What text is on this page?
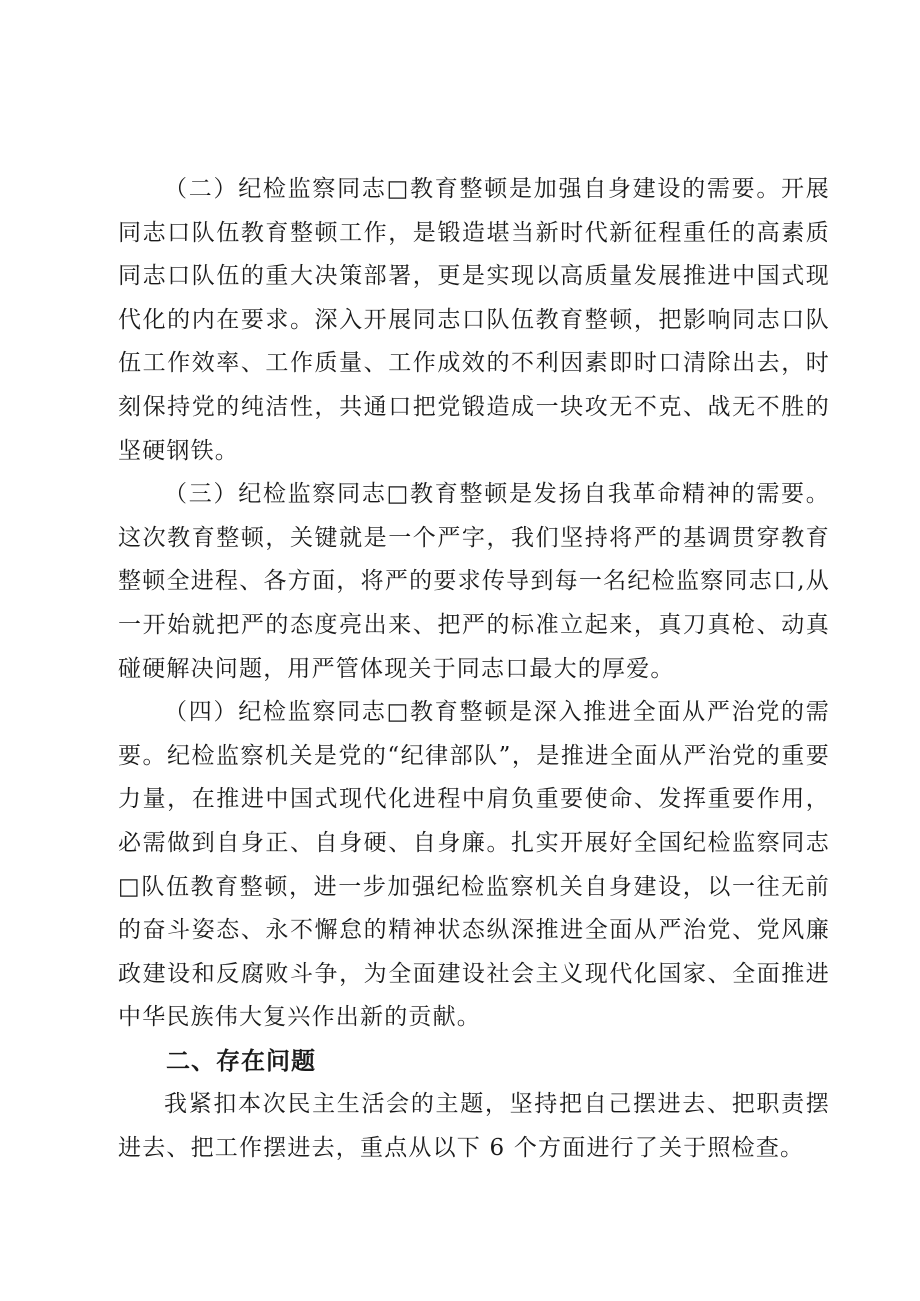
（二）纪检监察同志□教育整顿是加强自身建设的需要。开展同志口队伍教育整顿工作，是锻造堪当新时代新征程重任的高素质同志口队伍的重大决策部署，更是实现以高质量发展推进中国式现代化的内在要求。深入开展同志口队伍教育整顿，把影响同志口队伍工作效率、工作质量、工作成效的不利因素即时口清除出去，时刻保持党的纯洁性，共通口把党锻造成一块攻无不克、战无不胜的坚硬钢铁。

（三）纪检监察同志□教育整顿是发扬自我革命精神的需要。这次教育整顿，关键就是一个严字，我们坚持将严的基调贯穿教育整顿全进程、各方面，将严的要求传导到每一名纪检监察同志口,从一开始就把严的态度亮出来、把严的标准立起来，真刀真枪、动真碰硬解决问题，用严管体现关于同志口最大的厚爱。

（四）纪检监察同志□教育整顿是深入推进全面从严治党的需要。纪检监察机关是党的“纪律部队”，是推进全面从严治党的重要力量，在推进中国式现代化进程中肩负重要使命、发挥重要作用，必需做到自身正、自身硬、自身廉。扎实开展好全国纪检监察同志□队伍教育整顿，进一步加强纪检监察机关自身建设，以一往无前的奋斗姿态、永不懈怠的精神状态纵深推进全面从严治党、党风廉政建设和反腐败斗争，为全面建设社会主义现代化国家、全面推进中华民族伟大复兴作出新的贡献。

二、存在问题

我紧扣本次民主生活会的主题，坚持把自己摆进去、把职责摆进去、把工作摆进去，重点从以下 6 个方面进行了关于照检查。
